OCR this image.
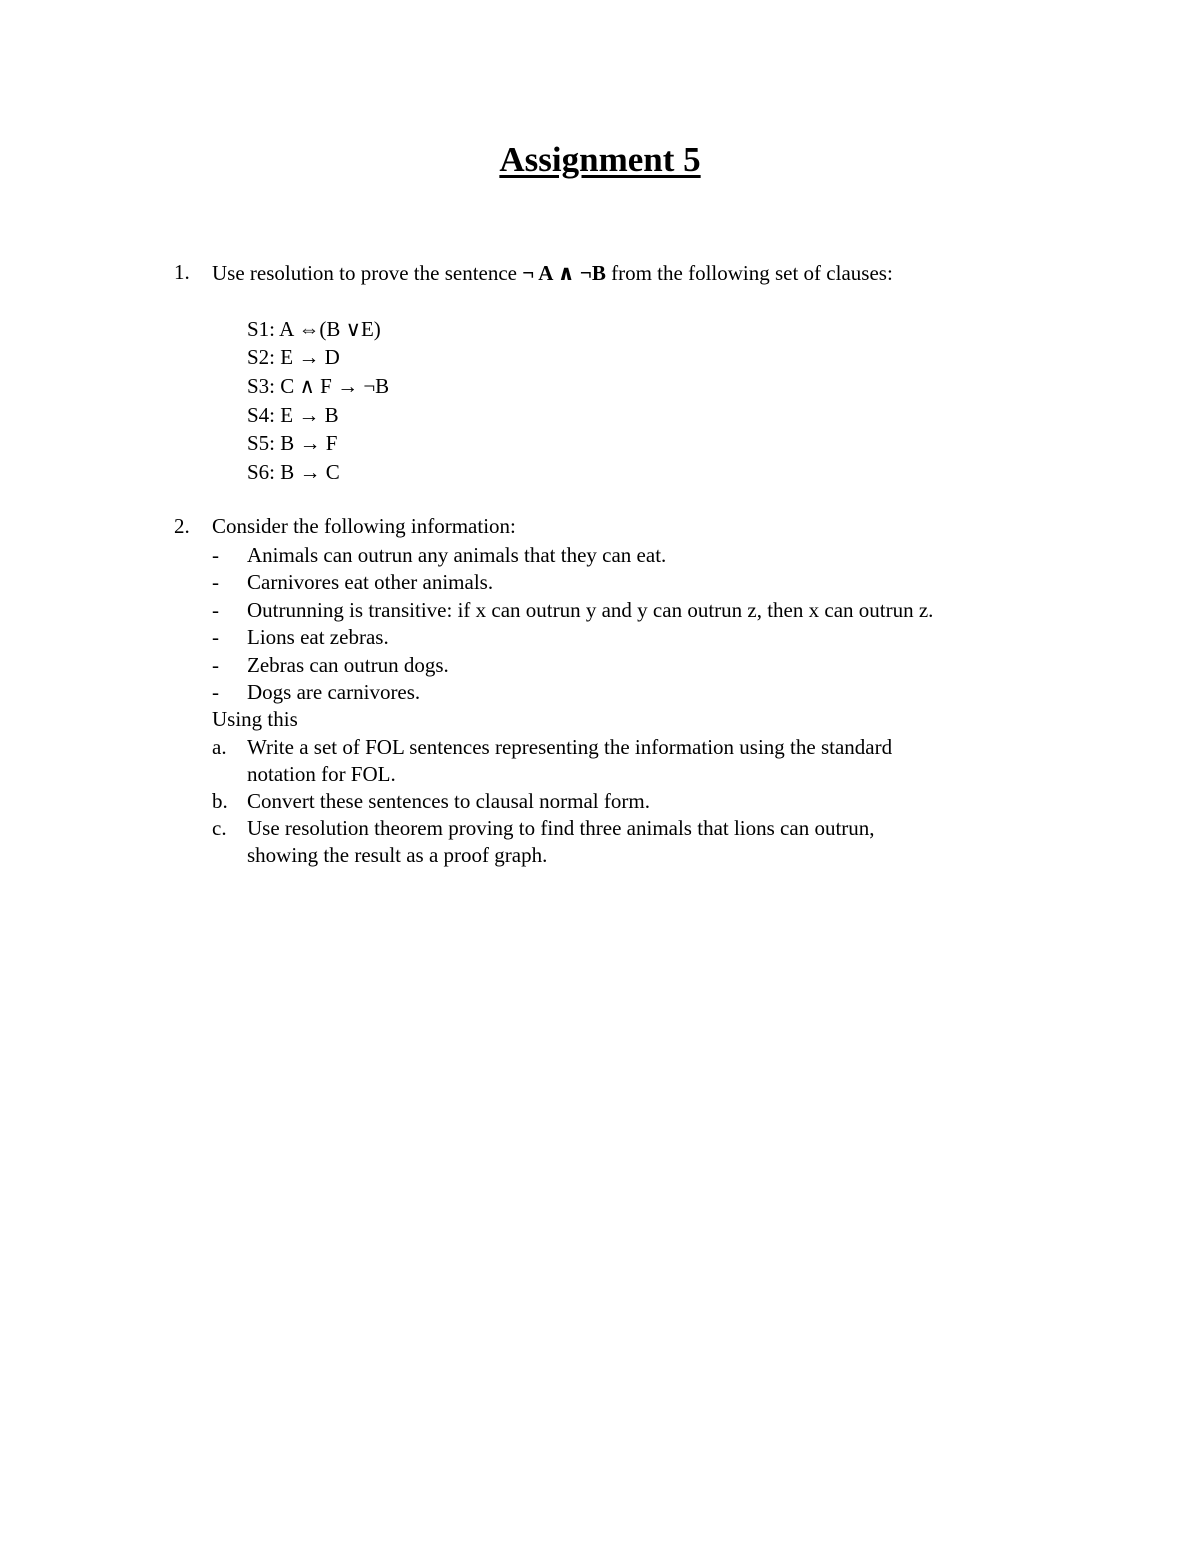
Assignment 5
1. Use resolution to prove the sentence ¬ A ∧ ¬B from the following set of clauses:
S1: A ⇔(B ∨E)
S2: E → D
S3: C ∧ F → ¬B
S4: E → B
S5: B → F
S6: B → C
2. Consider the following information:
- Animals can outrun any animals that they can eat.
- Carnivores eat other animals.
- Outrunning is transitive: if x can outrun y and y can outrun z, then x can outrun z.
- Lions eat zebras.
- Zebras can outrun dogs.
- Dogs are carnivores.
Using this
a. Write a set of FOL sentences representing the information using the standard
notation for FOL.
b. Convert these sentences to clausal normal form.
c. Use resolution theorem proving to find three animals that lions can outrun,
showing the result as a proof graph.
